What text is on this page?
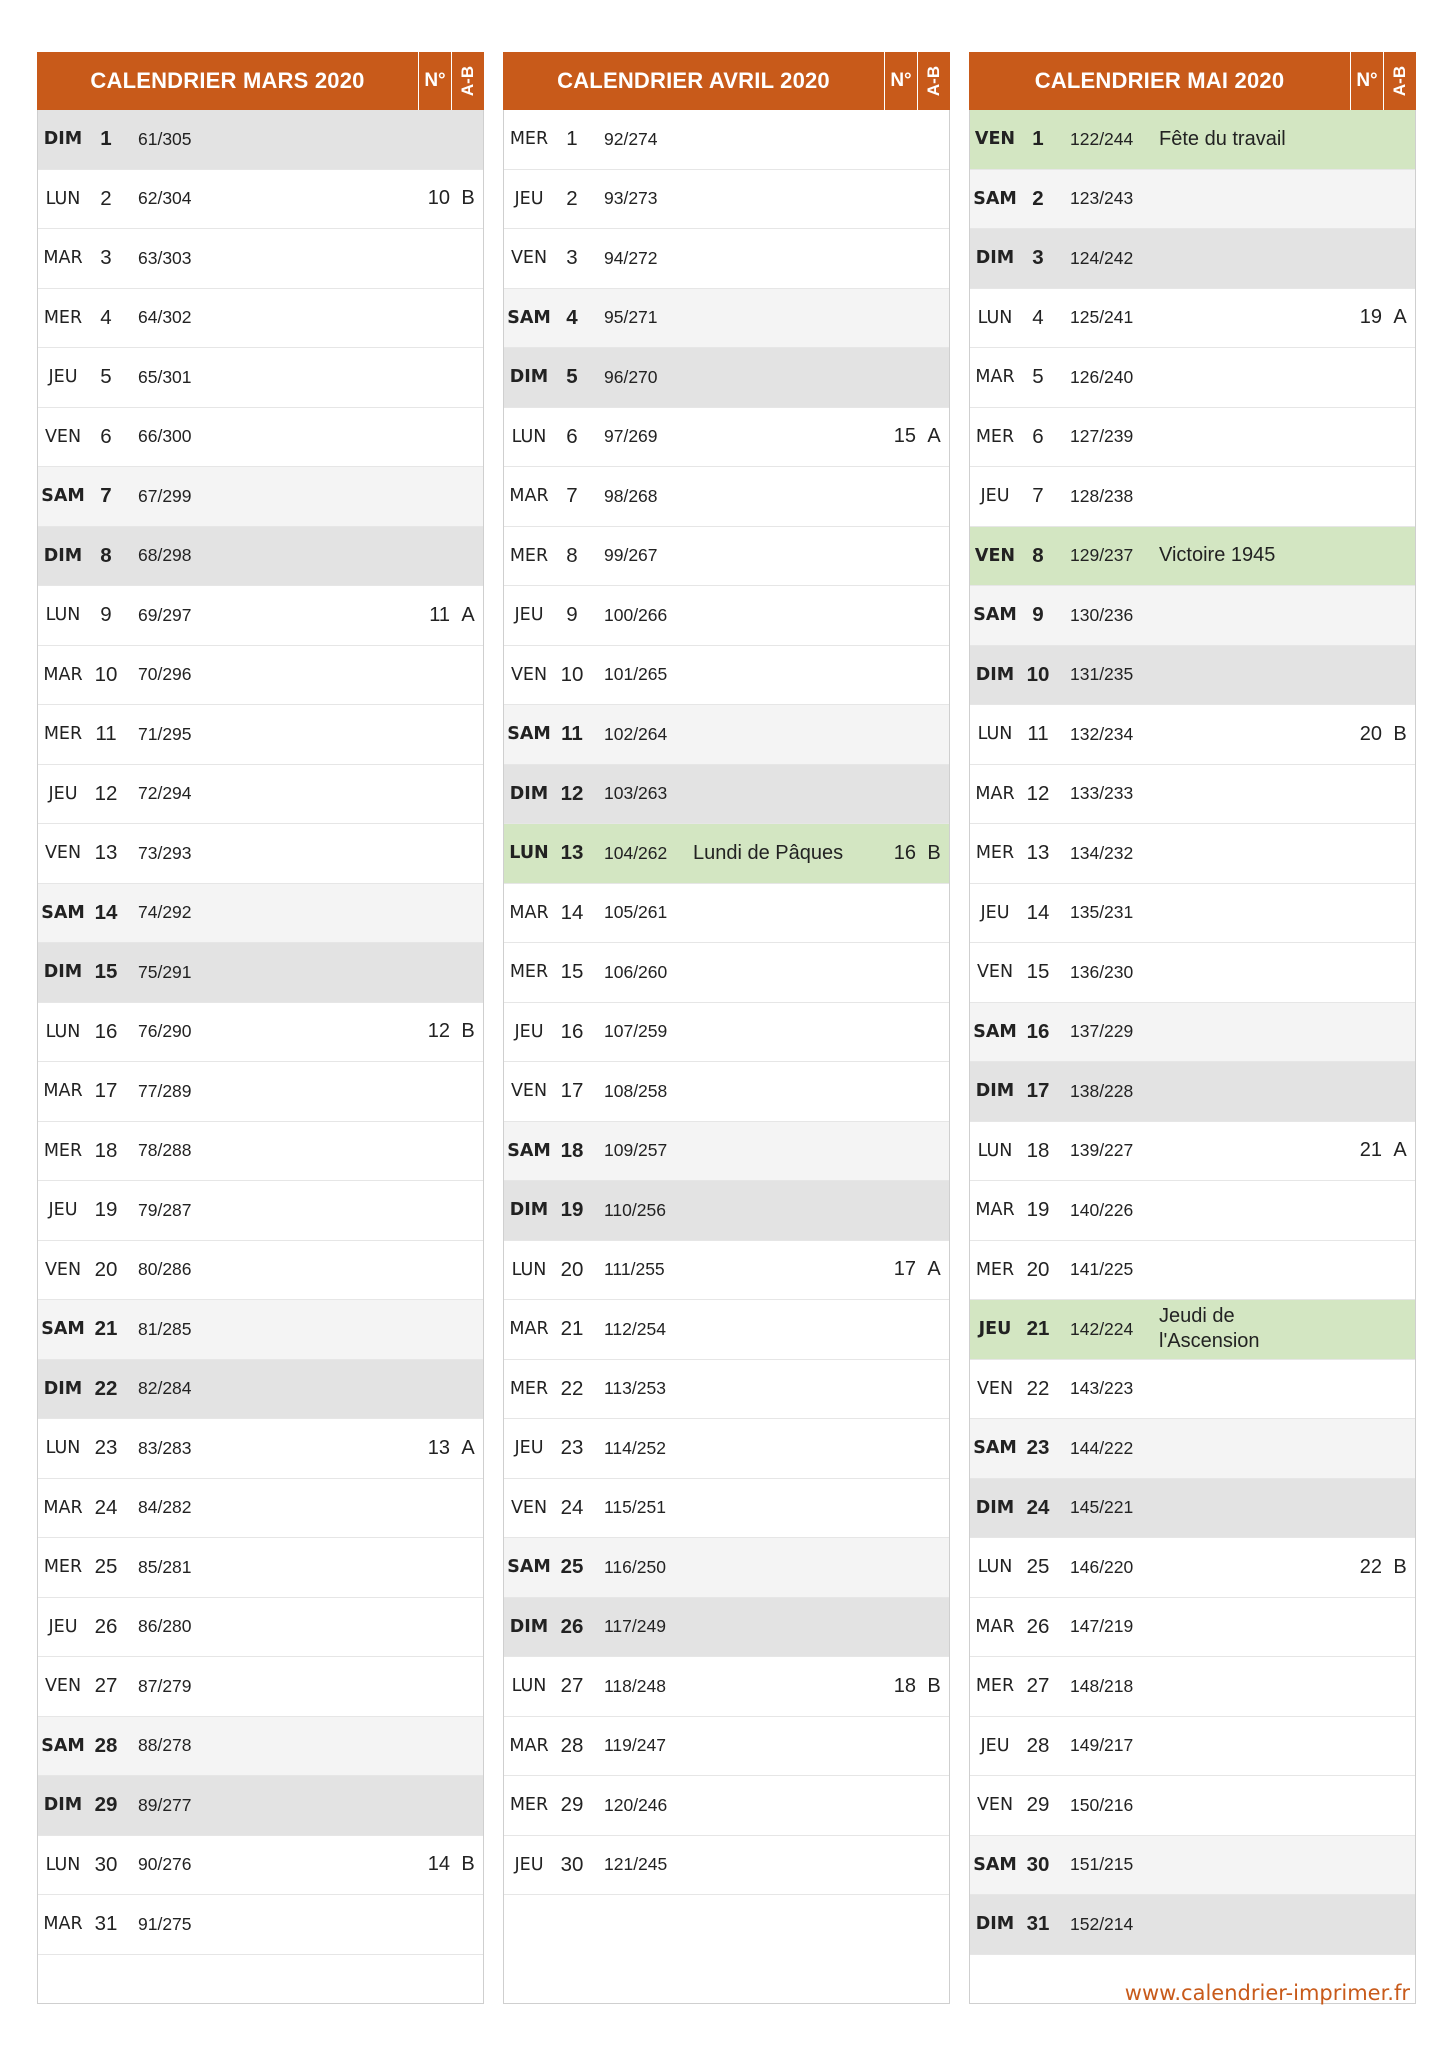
CALENDRIER MARS 2020	N° A-B
DIM 1	61/305
LUN 2	62/304	10 B
MAR 3	63/303
MER 4	64/302
JEU	5	65/301
VEN 6	66/300
SAM 7	67/299
DIM 8	68/298
LUN 9	69/297	11 A
MAR 10	70/296
MER 11	71/295
JEU 12	72/294
VEN 13	73/293
SAM 14	74/292
DIM 15	75/291
LUN 16	76/290	12 B
MAR 17	77/289
MER 18	78/288
JEU 19	79/287
VEN 20	80/286
SAM 21	81/285
DIM 22	82/284
LUN 23	83/283	13 A
MAR 24	84/282
MER 25	85/281
JEU 26	86/280
VEN 27	87/279
SAM 28	88/278
DIM 29	89/277
LUN 30	90/276	14 B
MAR 31	91/275
CALENDRIER AVRIL 2020	N° A-B
MER 1	92/274
JEU	2	93/273
VEN 3	94/272
SAM 4	95/271
DIM 5	96/270
LUN 6	97/269	15 A
MAR 7	98/268
MER 8	99/267
JEU	9	100/266
VEN 10	101/265
SAM 11	102/264
DIM 12	103/263
LUN 13	104/262 Lundi de Pâques	16 B
MAR 14	105/261
MER 15	106/260
JEU 16	107/259
VEN 17	108/258
SAM 18	109/257
DIM 19	110/256
LUN 20	111/255	17 A
MAR 21	112/254
MER 22	113/253
JEU 23	114/252
VEN 24	115/251
SAM 25	116/250
DIM 26	117/249
LUN 27	118/248	18 B
MAR 28	119/247
MER 29	120/246
JEU 30	121/245
CALENDRIER MAI 2020	N° A-B
VEN 1	122/244 Fête du travail
SAM 2	123/243
DIM 3	124/242
LUN 4	125/241	19 A
MAR 5	126/240
MER 6	127/239
JEU	7	128/238
VEN 8	129/237 Victoire 1945
SAM 9	130/236
DIM 10	131/235
LUN 11	132/234	20 B
MAR 12	133/233
MER 13	134/232
JEU 14	135/231
VEN 15	136/230
SAM 16	137/229
DIM 17	138/228
LUN 18	139/227	21 A
MAR 19	140/226
MER 20	141/225
JEU 21	142/224
Jeudi de l'Ascension
VEN 22	143/223
SAM 23	144/222
DIM 24	145/221
LUN 25	146/220	22 B
MAR 26	147/219
MER 27	148/218
JEU 28	149/217
VEN 29	150/216
SAM 30	151/215
DIM 31	152/214
www.calendrier-imprimer.fr
